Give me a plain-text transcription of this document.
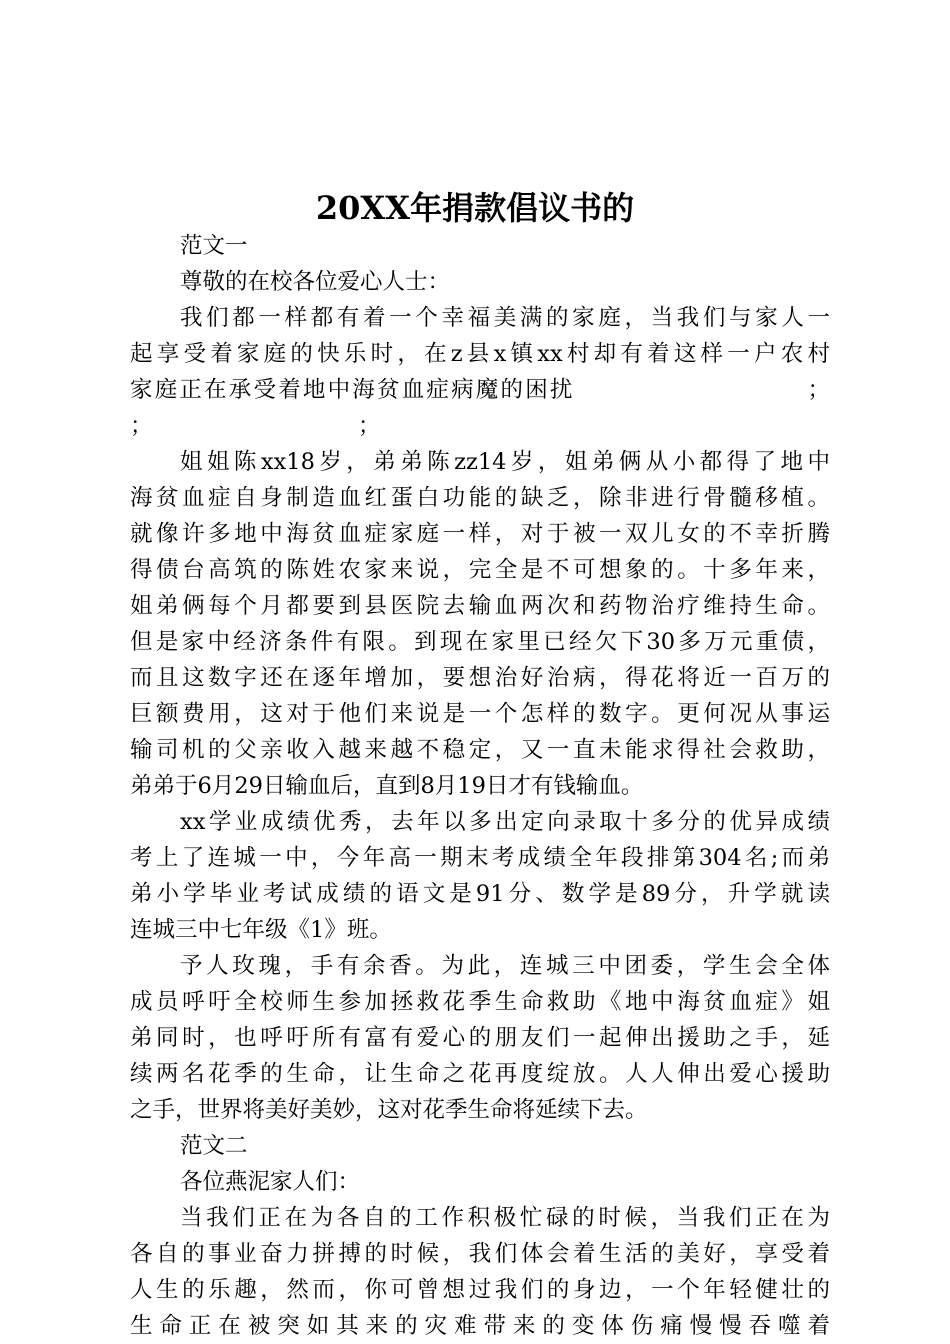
20XX年捐款倡议书的
范文一
尊敬的在校各位爱心人士：
我们都一样都有着一个幸福美满的家庭，当我们与家人一
起享受着家庭的快乐时，在z县x镇xx村却有着这样一户农村
家庭正在承受着地中海贫血症病魔的困扰	；
；	；
姐姐陈xx18岁，弟弟陈zz14岁，姐弟俩从小都得了地中
海贫血症自身制造血红蛋白功能的缺乏，除非进行骨髓移植。
就像许多地中海贫血症家庭一样，对于被一双儿女的不幸折腾
得债台高筑的陈姓农家来说，完全是不可想象的。十多年来，
姐弟俩每个月都要到县医院去输血两次和药物治疗维持生命。
但是家中经济条件有限。到现在家里已经欠下30多万元重债，
而且这数字还在逐年增加，要想治好治病，得花将近一百万的
巨额费用，这对于他们来说是一个怎样的数字。更何况从事运
输司机的父亲收入越来越不稳定，又一直未能求得社会救助，
弟弟于6月29日输血后，直到8月19日才有钱输血。
xx学业成绩优秀，去年以多出定向录取十多分的优异成绩
考上了连城一中，今年高一期末考成绩全年段排第304名;而弟
弟小学毕业考试成绩的语文是91分、数学是89分，升学就读
连城三中七年级《1》班。
予人玫瑰，手有余香。为此，连城三中团委，学生会全体
成员呼吁全校师生参加拯救花季生命救助《地中海贫血症》姐
弟同时，也呼吁所有富有爱心的朋友们一起伸出援助之手，延
续两名花季的生命，让生命之花再度绽放。人人伸出爱心援助
之手，世界将美好美妙，这对花季生命将延续下去。
范文二
各位燕泥家人们：
当我们正在为各自的工作积极忙碌的时候，当我们正在为
各自的事业奋力拼搏的时候，我们体会着生活的美好，享受着
人生的乐趣，然而，你可曾想过我们的身边，一个年轻健壮的
生命正在被突如其来的灾难带来的变体伤痛慢慢吞噬着
